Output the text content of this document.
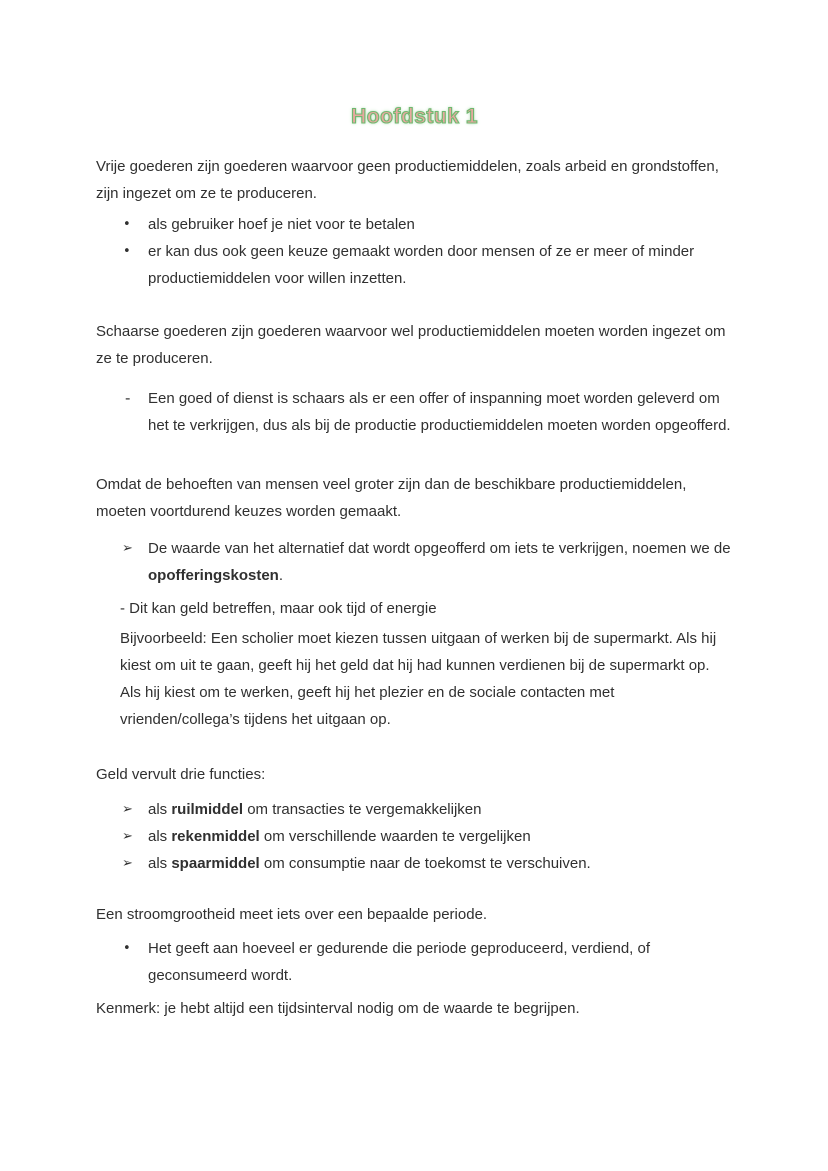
Hoofdstuk 1

Vrije goederen zijn goederen waarvoor geen productiemiddelen, zoals arbeid en grondstoffen, zijn ingezet om ze te produceren.

•	als gebruiker hoef je niet voor te betalen
•	er kan dus ook geen keuze gemaakt worden door mensen of ze er meer of minder productiemiddelen voor willen inzetten.

Schaarse goederen zijn goederen waarvoor wel productiemiddelen moeten worden ingezet om ze te produceren.

-	Een goed of dienst is schaars als er een offer of inspanning moet worden geleverd om het te verkrijgen, dus als bij de productie productiemiddelen moeten worden opgeofferd.

Omdat de behoeften van mensen veel groter zijn dan de beschikbare productiemiddelen, moeten voortdurend keuzes worden gemaakt.

➢	De waarde van het alternatief dat wordt opgeofferd om iets te verkrijgen, noemen we de opofferingskosten.

- Dit kan geld betreffen, maar ook tijd of energie

Bijvoorbeeld: Een scholier moet kiezen tussen uitgaan of werken bij de supermarkt. Als hij kiest om uit te gaan, geeft hij het geld dat hij had kunnen verdienen bij de supermarkt op. Als hij kiest om te werken, geeft hij het plezier en de sociale contacten met vrienden/collega’s tijdens het uitgaan op.

Geld vervult drie functies:

➢	als ruilmiddel om transacties te vergemakkelijken
➢	als rekenmiddel om verschillende waarden te vergelijken
➢	als spaarmiddel om consumptie naar de toekomst te verschuiven.

Een stroomgrootheid meet iets over een bepaalde periode.

•	Het geeft aan hoeveel er gedurende die periode geproduceerd, verdiend, of geconsumeerd wordt.

Kenmerk: je hebt altijd een tijdsinterval nodig om de waarde te begrijpen.
